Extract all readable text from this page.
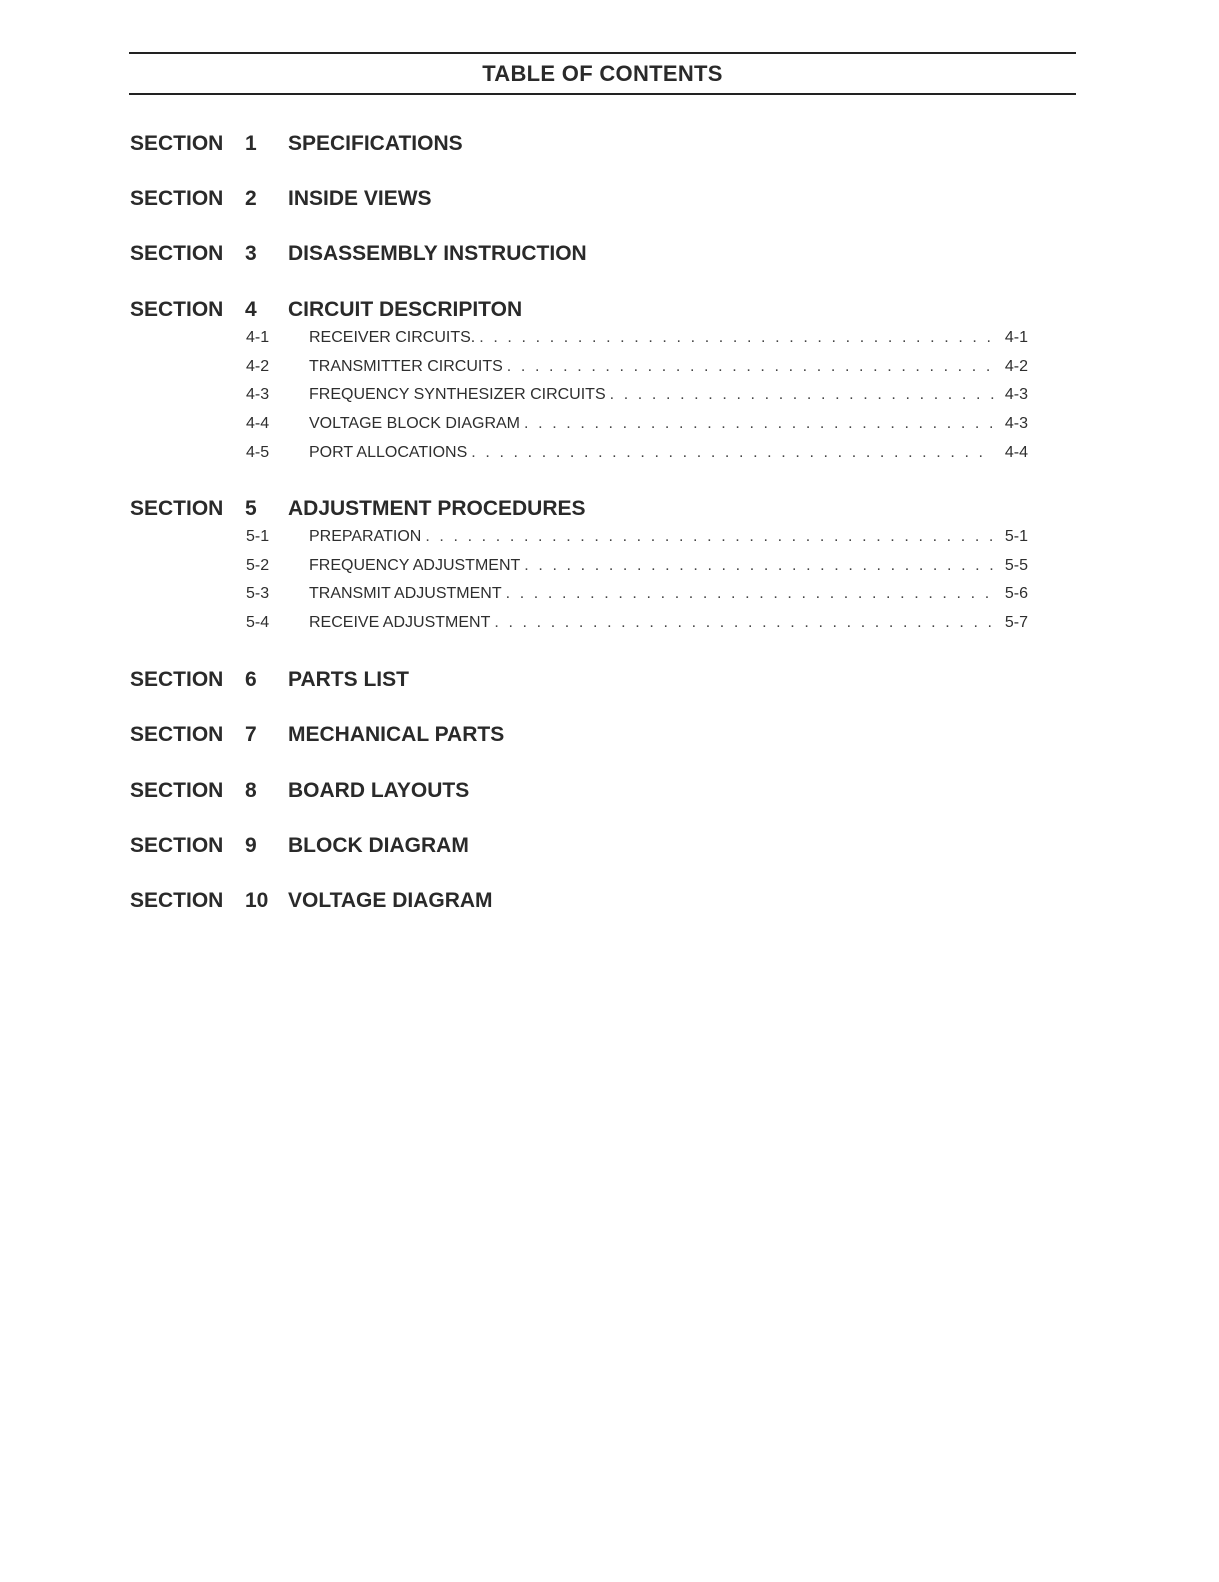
TABLE OF CONTENTS
SECTION	1	SPECIFICATIONS
SECTION	2	INSIDE VIEWS
SECTION	3	DISASSEMBLY INSTRUCTION
SECTION	4	CIRCUIT DESCRIPITON
4-1	RECEIVER CIRCUITS. . . .	4-1
4-2	TRANSMITTER CIRCUITS . . .	4-2
4-3	FREQUENCY SYNTHESIZER CIRCUITS . . .	4-3
4-4	VOLTAGE BLOCK DIAGRAM . . .	4-3
4-5	PORT ALLOCATIONS . . .	4-4
SECTION	5	ADJUSTMENT PROCEDURES
5-1	PREPARATION . . .	5-1
5-2	FREQUENCY ADJUSTMENT . . .	5-5
5-3	TRANSMIT ADJUSTMENT . . .	5-6
5-4	RECEIVE ADJUSTMENT . . .	5-7
SECTION	6	PARTS LIST
SECTION	7	MECHANICAL PARTS
SECTION	8	BOARD LAYOUTS
SECTION	9	BLOCK DIAGRAM
SECTION	10 VOLTAGE DIAGRAM
